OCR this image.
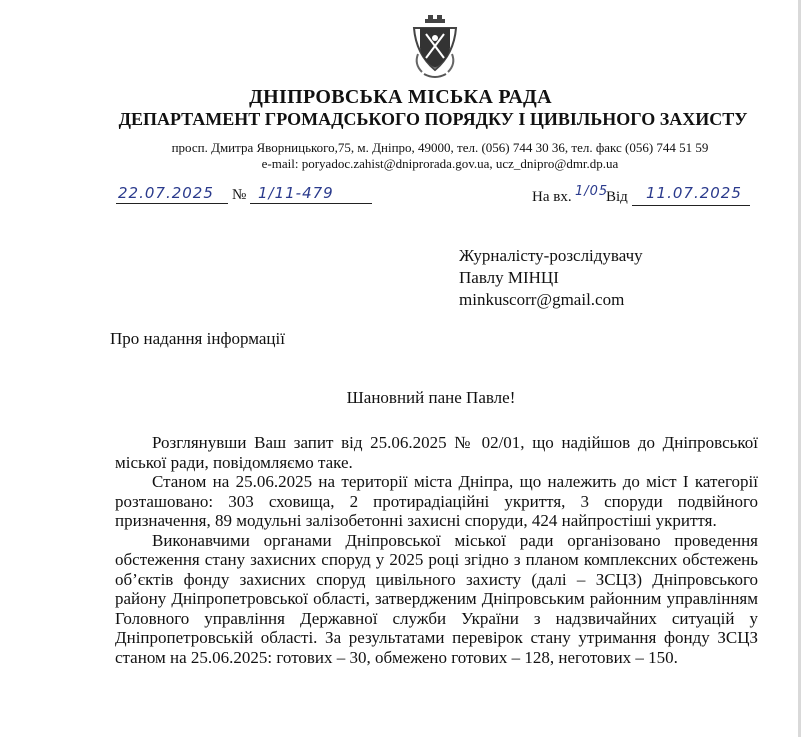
ДНІПРОВСЬКА МІСЬКА РАДА
ДЕПАРТАМЕНТ ГРОМАДСЬКОГО ПОРЯДКУ І ЦИВІЛЬНОГО ЗАХИСТУ
просп. Дмитра Яворницького,75, м. Дніпро, 49000, тел. (056) 744 30 36, тел. факс (056) 744 51 59
e-mail: poryadoc.zahist@dniprorada.gov.ua, ucz_dnipro@dmr.dp.ua
22.07.2025 № 1/11-479	На вх. 1/05
Від 11.07.2025
Журналісту-розслідувачу
Павлу МІНЦІ
minkuscorr@gmail.com
Про надання інформації
Шановний пане Павле!

Розглянувши Ваш запит від 25.06.2025 № 02/01, що надійшов до Дніпровської міської ради, повідомляємо таке.

Станом на 25.06.2025 на території міста Дніпра, що належить до міст I категорії розташовано: 303 сховища, 2 протирадіаційні укриття, 3 споруди подвійного призначення, 89 модульні залізобетонні захисні споруди, 424 найпростіші укриття.

Виконавчими органами Дніпровської міської ради організовано проведення обстеження стану захисних споруд у 2025 році згідно з планом комплексних обстежень об’єктів фонду захисних споруд цивільного захисту (далі – ЗСЦЗ) Дніпровського району Дніпропетровської області, затвердженим Дніпровським районним управлінням Головного управління Державної служби України з надзвичайних ситуацій у Дніпропетровській області. За результатами перевірок стану утримання фонду ЗСЦЗ станом на 25.06.2025: готових – 30, обмежено готових – 128, неготових – 150.
